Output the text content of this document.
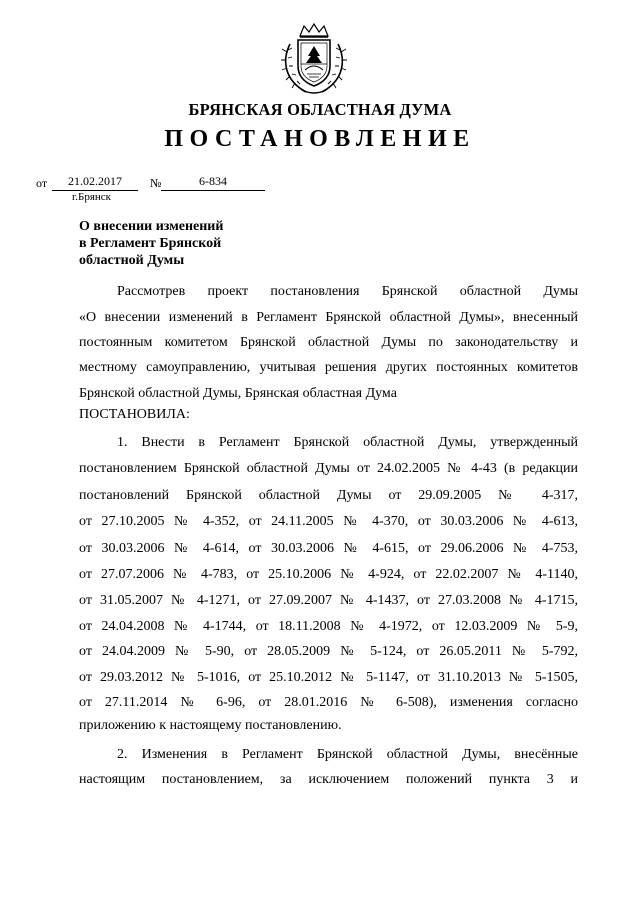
БРЯНСКАЯ ОБЛАСТНАЯ ДУМА
ПОСТАНОВЛЕНИЕ
от	21.02.2017	№	6-834
г.Брянск
О внесении изменений
в Регламент Брянской
областной Думы
Рассмотрев проект постановления Брянской областной Думы
«О внесении изменений в Регламент Брянской областной Думы», внесенный
постоянным комитетом Брянской областной Думы по законодательству и
местному самоуправлению, учитывая решения других постоянных комитетов
Брянской областной Думы, Брянская областная Дума
ПОСТАНОВИЛА:
1. Внести в Регламент Брянской областной Думы, утвержденный
постановлением Брянской областной Думы от 24.02.2005 № 4-43 (в редакции
постановлений Брянской областной Думы от 29.09.2005 № 4-317,
от 27.10.2005 № 4-352, от 24.11.2005 № 4-370, от 30.03.2006 № 4-613,
от 30.03.2006 № 4-614, от 30.03.2006 № 4-615, от 29.06.2006 № 4-753,
от 27.07.2006 № 4-783, от 25.10.2006 № 4-924, от 22.02.2007 № 4-1140,
от 31.05.2007 № 4-1271, от 27.09.2007 № 4-1437, от 27.03.2008 № 4-1715,
от 24.04.2008 № 4-1744, от 18.11.2008 № 4-1972, от 12.03.2009 № 5-9,
от 24.04.2009 № 5-90, от 28.05.2009 № 5-124, от 26.05.2011 № 5-792,
от 29.03.2012 № 5-1016, от 25.10.2012 № 5-1147, от 31.10.2013 № 5-1505,
от 27.11.2014 № 6-96, от 28.01.2016 № 6-508), изменения согласно
приложению к настоящему постановлению.
2. Изменения в Регламент Брянской областной Думы, внесённые
настоящим постановлением, за исключением положений пункта 3 и
